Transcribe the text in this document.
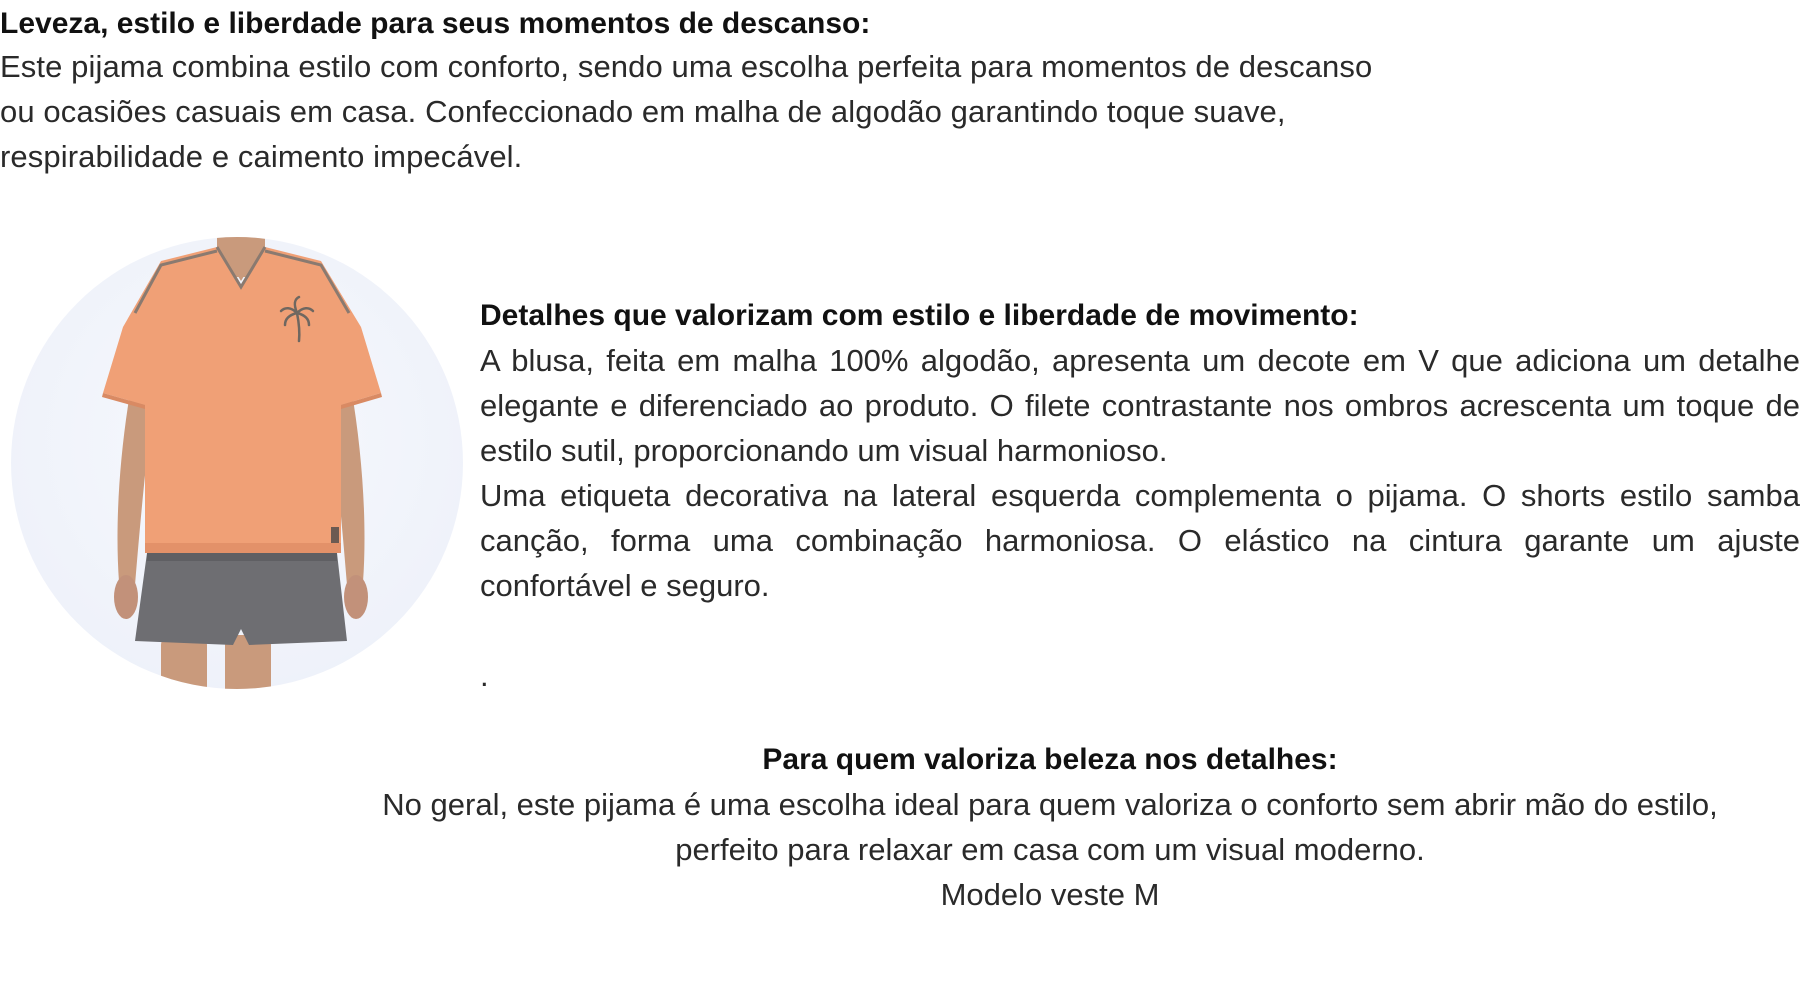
Leveza, estilo e liberdade para seus momentos de descanso:

Este pijama combina estilo com conforto, sendo uma escolha perfeita para momentos de descanso

ou ocasiões casuais em casa. Confeccionado em malha de algodão garantindo toque suave,

respirabilidade e caimento impecável.

Detalhes que valorizam com estilo e liberdade de movimento:

A blusa, feita em malha 100% algodão, apresenta um decote em V que adiciona um detalhe elegante e diferenciado ao produto. O filete contrastante nos ombros acrescenta um toque de estilo sutil, proporcionando um visual harmonioso.

Uma etiqueta decorativa na lateral esquerda complementa o pijama. O shorts estilo samba canção, forma uma combinação harmoniosa. O elástico na cintura garante um ajuste confortável e seguro.

.

Para quem valoriza beleza nos detalhes:

No geral, este pijama é uma escolha ideal para quem valoriza o conforto sem abrir mão do estilo,

perfeito para relaxar em casa com um visual moderno.

Modelo veste M
